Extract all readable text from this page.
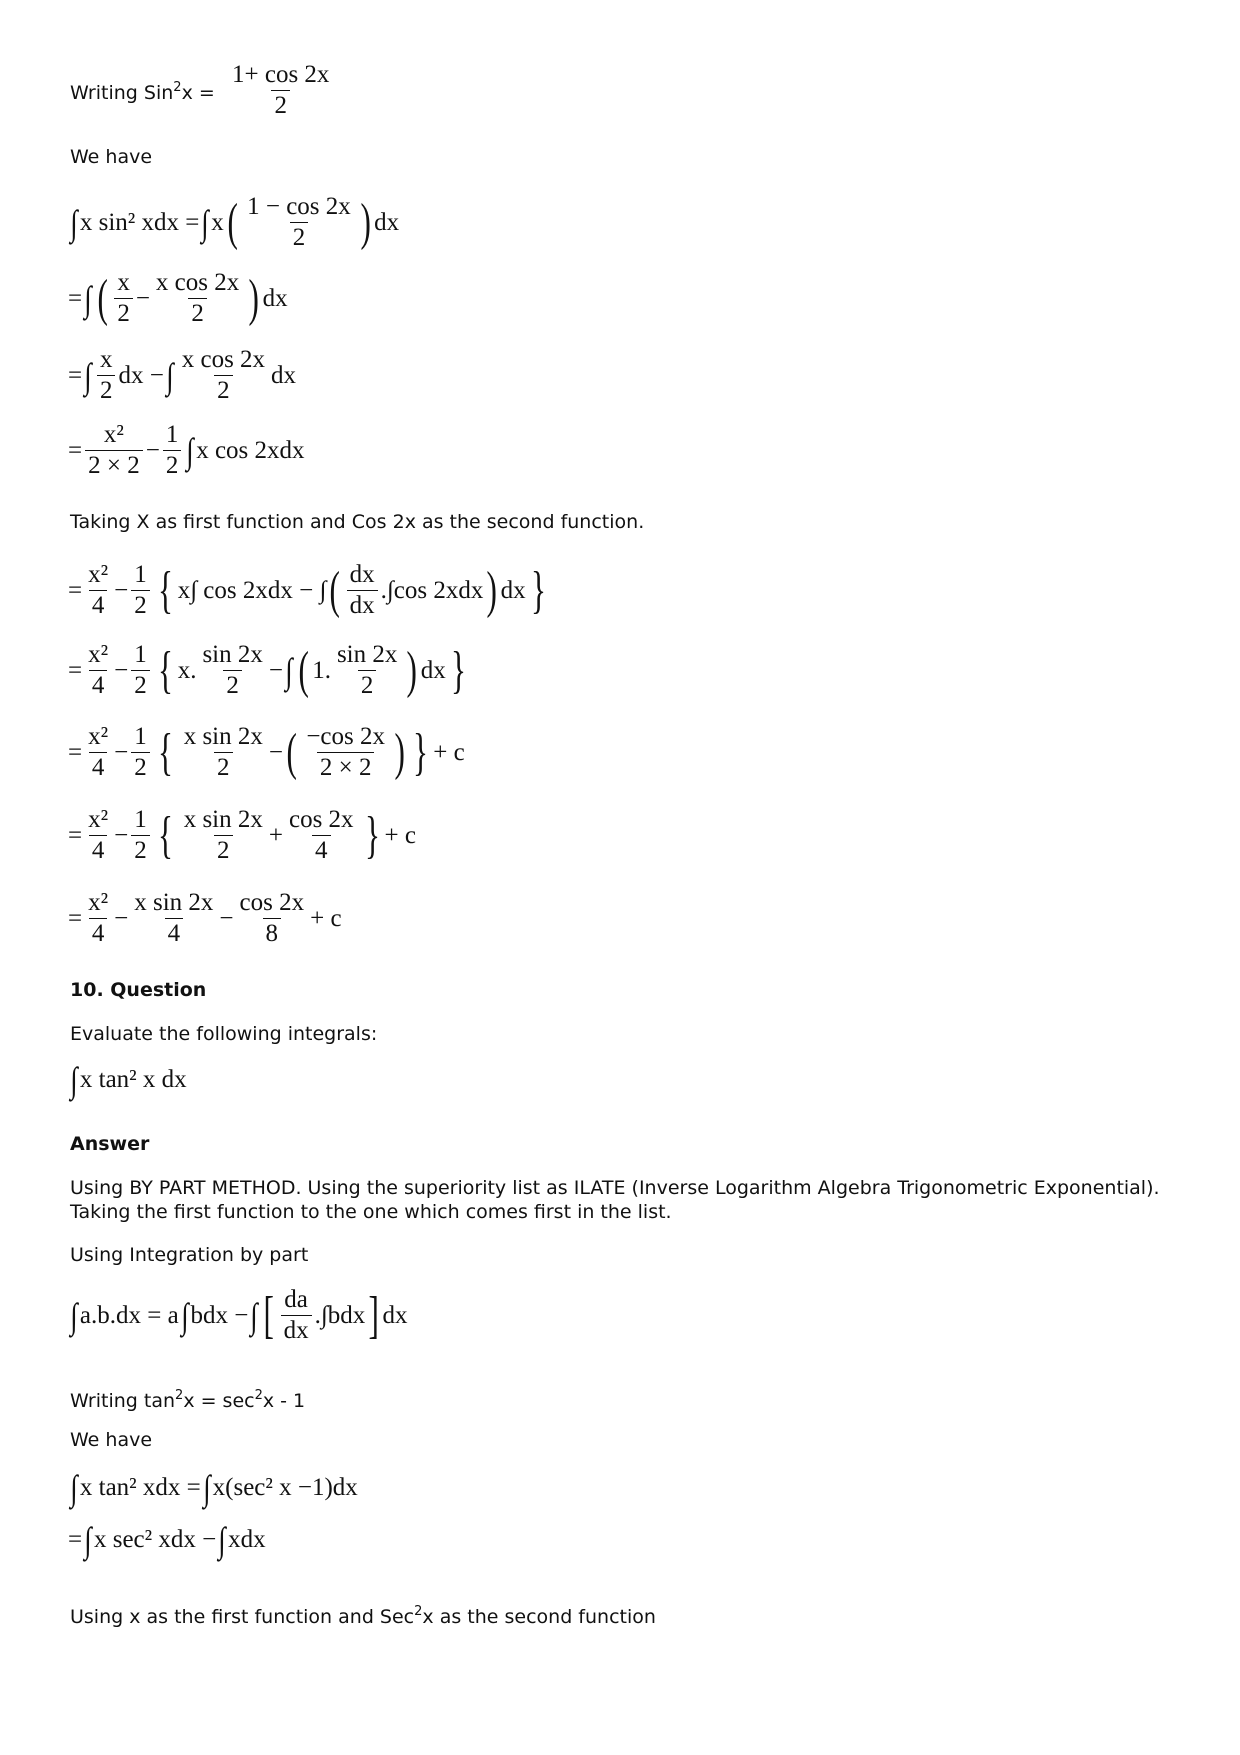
Writing $Sin^2x = \frac{1+ \cos 2x}{2}$
We have
∫ x sin² xdx = ∫ x ( $\frac{1 - \cos 2x}{2}$ ) dx
= ∫ ( $\frac{x}{2} - \frac{\text{x cos 2x}}{2}$ ) dx
= ∫ $\frac{x}{2}$ dx − ∫ $\frac{\text{x cos 2x}}{2}$ dx
= $\frac{\text{x²}}{2 \times 2} - \frac{1}{2}$ ∫ x cos 2xdx
Taking X as first function and Cos 2x as the second function.
= $\frac{\text{x²}}{4} - \frac{1}{2}$ { x∫ cos 2xdx − ∫ ( $\frac{dx}{dx} .\int\cos$ 2xdx ) dx }
= $\frac{\text{x²}}{4} - \frac{1}{2}$ { x. $\frac{\sin 2x}{2}$ − ∫ ( 1. $\frac{\sin 2x}{2}$ ) dx }
= $\frac{\text{x²}}{4} - \frac{1}{2}$ { $\frac{\text{x sin 2x}}{2}$ − ( $\frac{-\cos 2x}{2 \times 2}$ ) } + c
= $\frac{\text{x²}}{4} - \frac{1}{2}$ { $\frac{\text{x sin 2x}}{2} + \frac{\cos 2x}{4}$ } + c
= $\frac{\text{x²}}{4} - \frac{\text{x sin 2x}}{4} - \frac{\cos 2x}{8} + c$
10. Question
Evaluate the following integrals:
∫ x tan² x dx
Answer
Using BY PART METHOD. Using the superiority list as ILATE (Inverse Logarithm Algebra Trigonometric Exponential). Taking the first function to the one which comes first in the list.
Using Integration by part
∫ a.b.dx = a ∫ bdx − ∫ [ $\frac{da}{dx} .\int bdx$ ] dx
Writing $\tan^2x = \sec^2x - 1$
We have
∫ x tan² xdx = ∫ x(sec² x −1)dx
= ∫ x sec² xdx − ∫ xdx
Using x as the first function and Sec$^2$x as the second function
